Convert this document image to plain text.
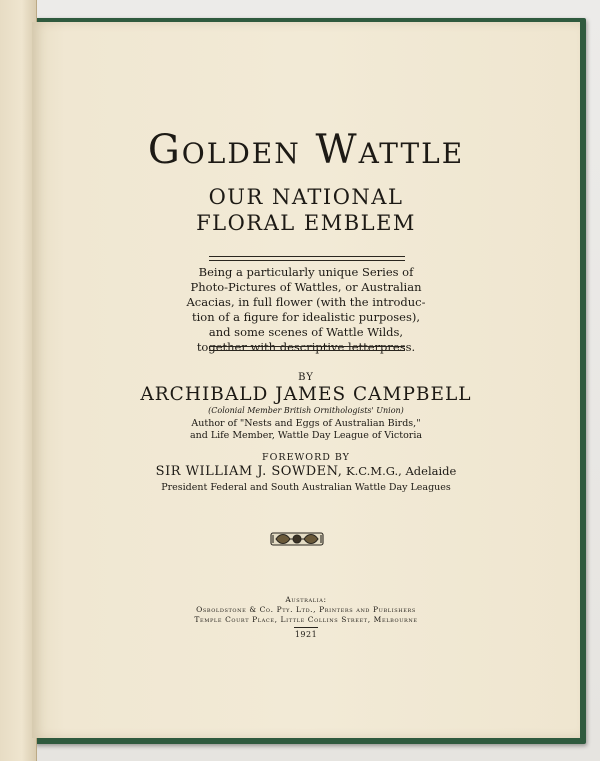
Golden Wattle
OUR NATIONAL
FLORAL EMBLEM
Being a particularly unique Series of
Photo-Pictures of Wattles, or Australian
Acacias, in full flower (with the introduc-
tion of a figure for idealistic purposes),
and some scenes of Wattle Wilds,
together with descriptive letterpress.
BY
ARCHIBALD JAMES CAMPBELL
(Colonial Member British Ornithologists' Union)
Author of "Nests and Eggs of Australian Birds,"
and Life Member, Wattle Day League of Victoria
FOREWORD BY
SIR WILLIAM J. SOWDEN, K.C.M.G., Adelaide
President Federal and South Australian Wattle Day Leagues
Australia:
Osboldstone & Co. Pty. Ltd., Printers and Publishers
Temple Court Place, Little Collins Street, Melbourne
1921
